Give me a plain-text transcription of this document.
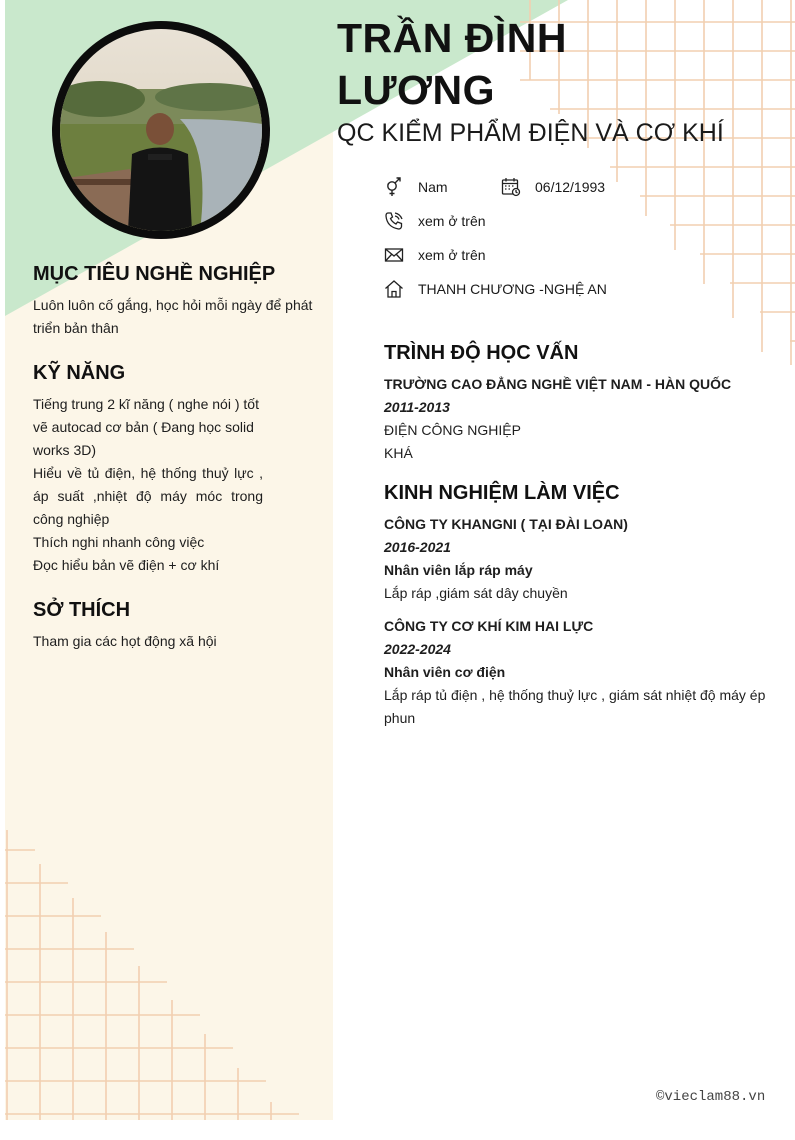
TRẦN ĐÌNH
LƯƠNG
QC KIỂM PHẨM ĐIỆN VÀ CƠ KHÍ
Nam	06/12/1993
xem ở trên
xem ở trên
THANH CHƯƠNG -NGHỆ AN
MỤC TIÊU NGHỀ NGHIỆP
Luôn luôn cố gắng, học hỏi mỗi ngày để phát
triển bản thân
KỸ NĂNG
Tiếng trung 2 kĩ năng ( nghe nói ) tốt
vẽ autocad cơ bản ( Đang học solid
works 3D)
Hiểu về tủ điện, hệ thống thuỷ lực ,
áp suất ,nhiệt độ máy móc trong
công nghiệp
Thích nghi nhanh công việc
Đọc hiểu bản vẽ điện + cơ khí
SỞ THÍCH
Tham gia các họt động xã hội
TRÌNH ĐỘ HỌC VẤN
TRƯỜNG CAO ĐẲNG NGHỀ VIỆT NAM - HÀN QUỐC
2011-2013
ĐIỆN CÔNG NGHIỆP
KHÁ
KINH NGHIỆM LÀM VIỆC
CÔNG TY KHANGNI ( TẠI ĐÀI LOAN)
2016-2021
Nhân viên lắp ráp máy
Lắp ráp ,giám sát dây chuyền
CÔNG TY CƠ KHÍ KIM HAI LỰC
2022-2024
Nhân viên cơ điện
Lắp ráp tủ điện , hệ thống thuỷ lực , giám sát nhiệt độ máy ép
phun
©vieclam88.vn
